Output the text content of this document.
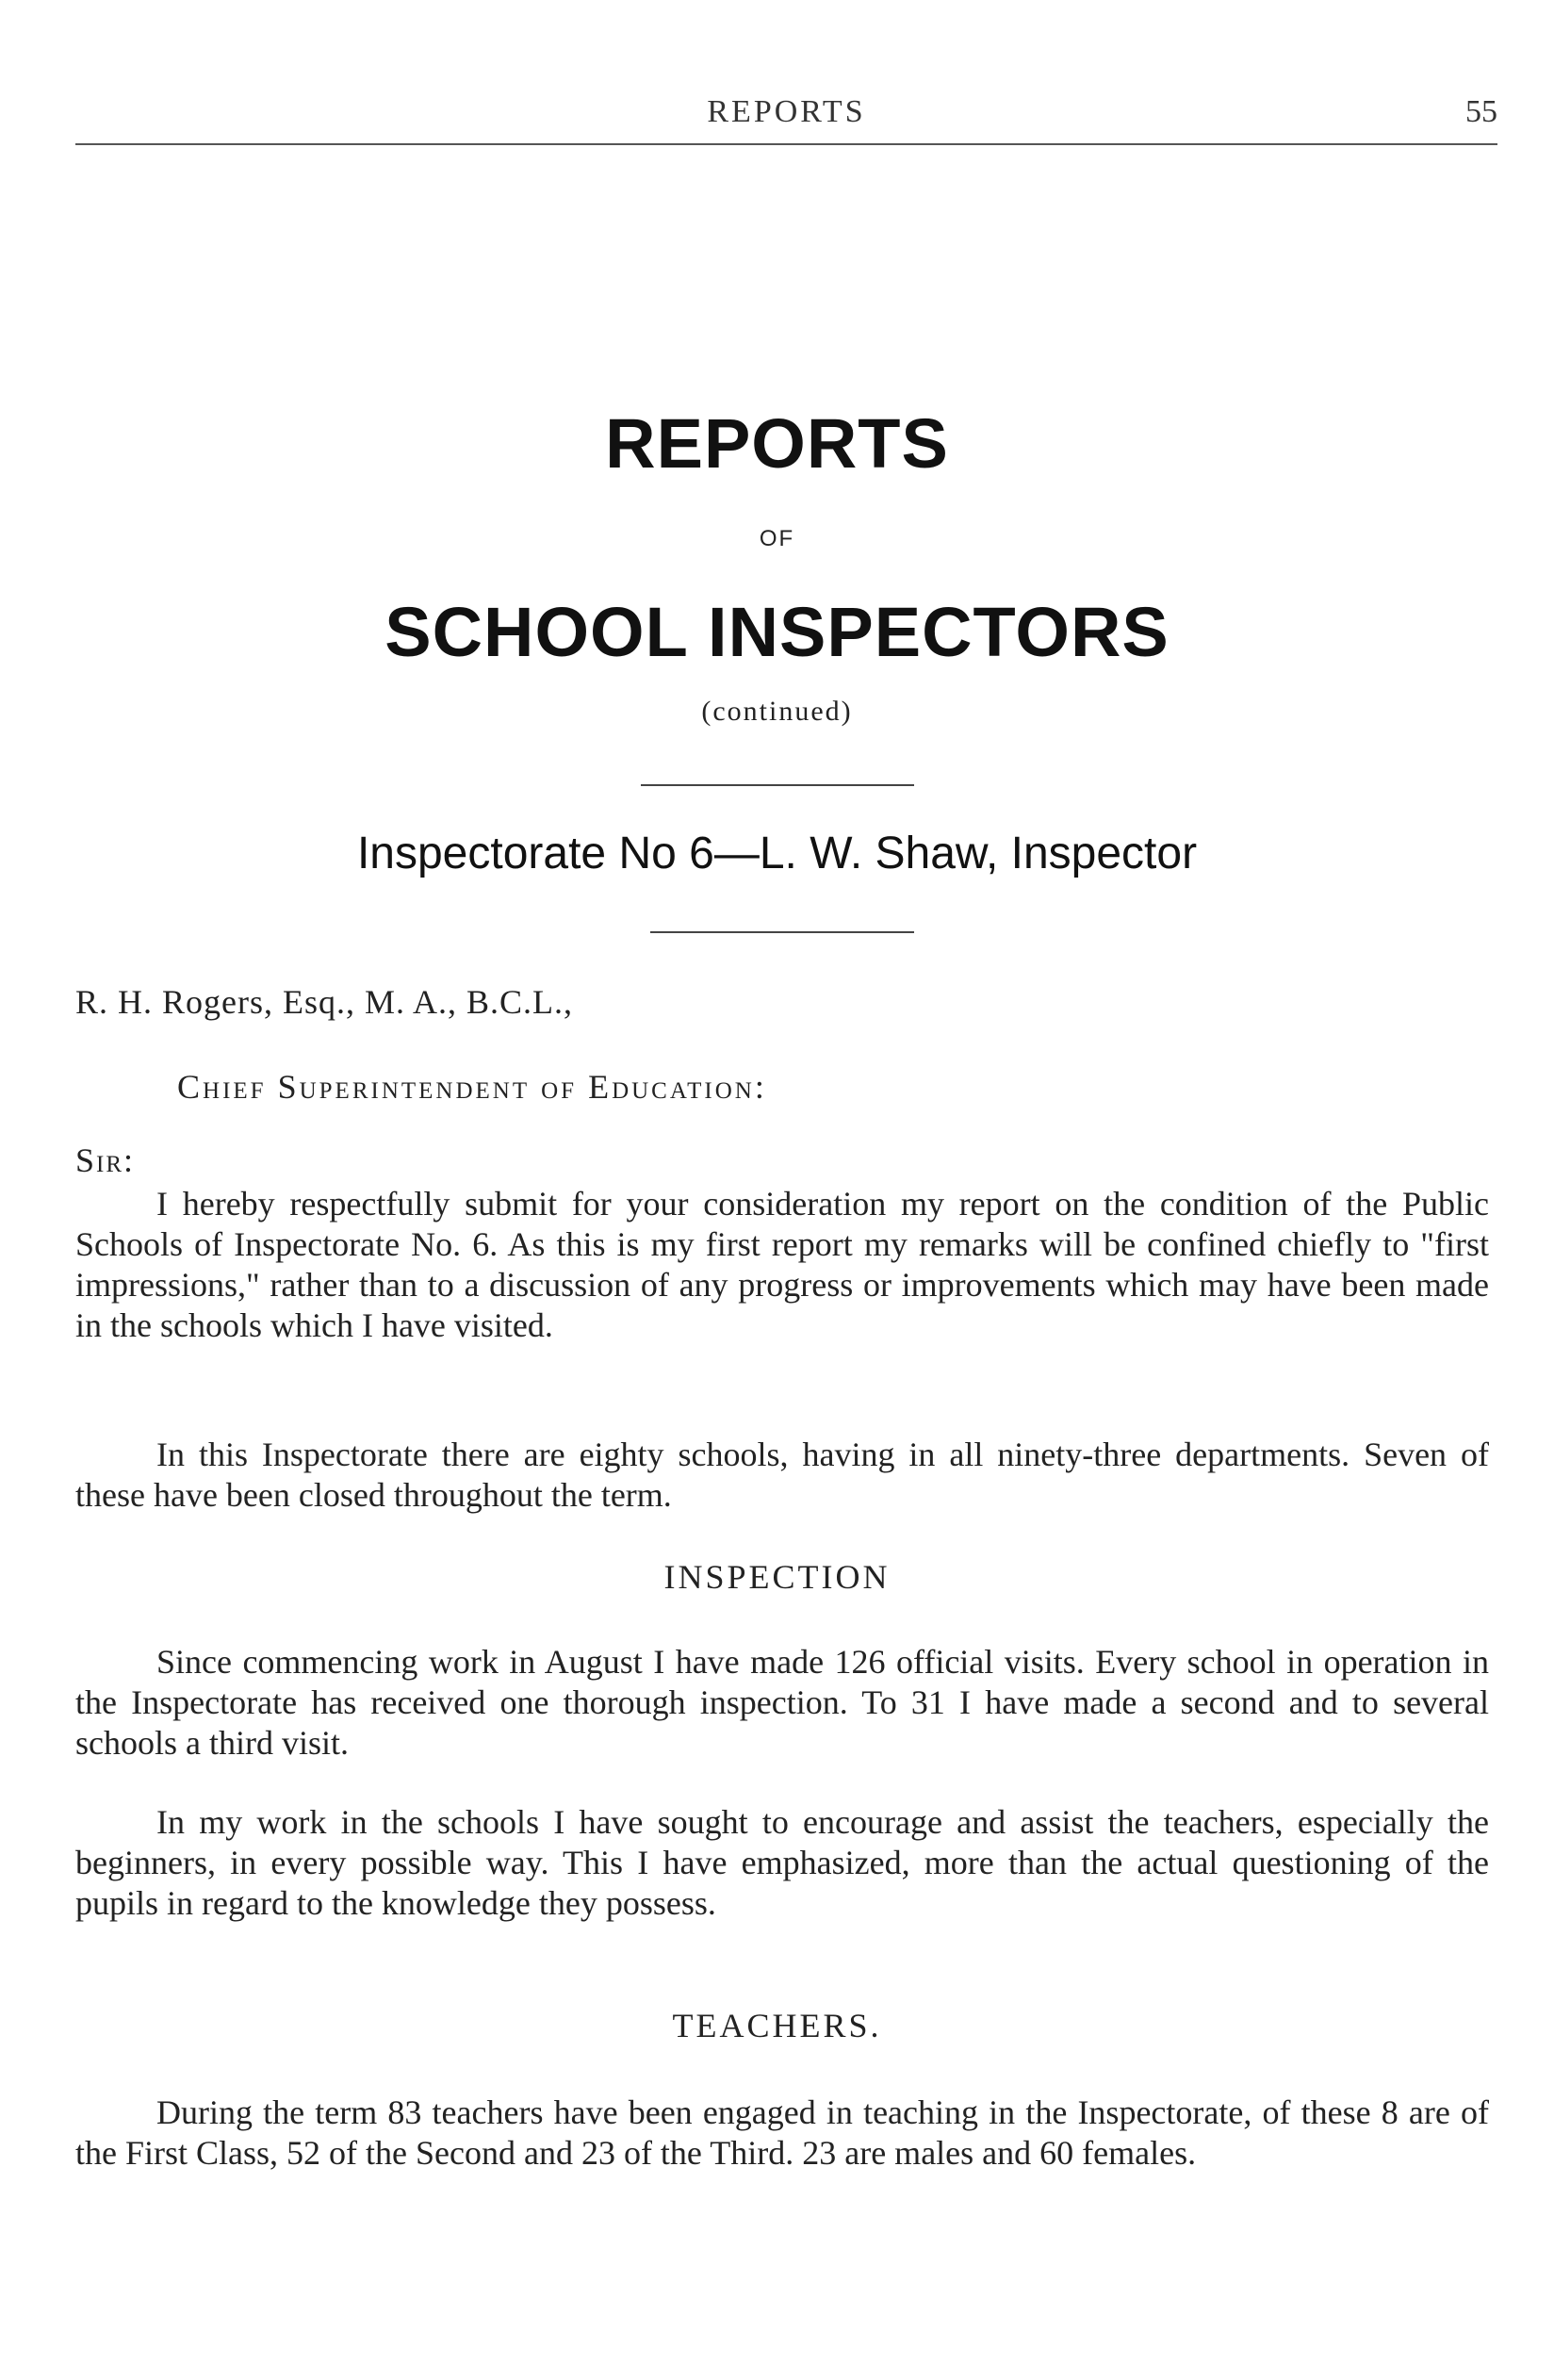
REPORTS	55
REPORTS
OF
SCHOOL INSPECTORS
(continued)
Inspectorate No 6—L. W. Shaw, Inspector
R. H. Rogers, Esq., M. A., B.C.L.,
Chief Superintendent of Education:
Sir:
I hereby respectfully submit for your consideration my report on the condition of the Public Schools of Inspectorate No. 6. As this is my first report my remarks will be confined chiefly to "first impressions," rather than to a discussion of any progress or improvements which may have been made in the schools which I have visited.
In this Inspectorate there are eighty schools, having in all ninety-three departments. Seven of these have been closed throughout the term.
INSPECTION
Since commencing work in August I have made 126 official visits. Every school in operation in the Inspectorate has received one thorough inspection. To 31 I have made a second and to several schools a third visit.
In my work in the schools I have sought to encourage and assist the teachers, especially the beginners, in every possible way. This I have emphasized, more than the actual questioning of the pupils in regard to the knowledge they possess.
TEACHERS.
During the term 83 teachers have been engaged in teaching in the Inspectorate, of these 8 are of the First Class, 52 of the Second and 23 of the Third. 23 are males and 60 females.
